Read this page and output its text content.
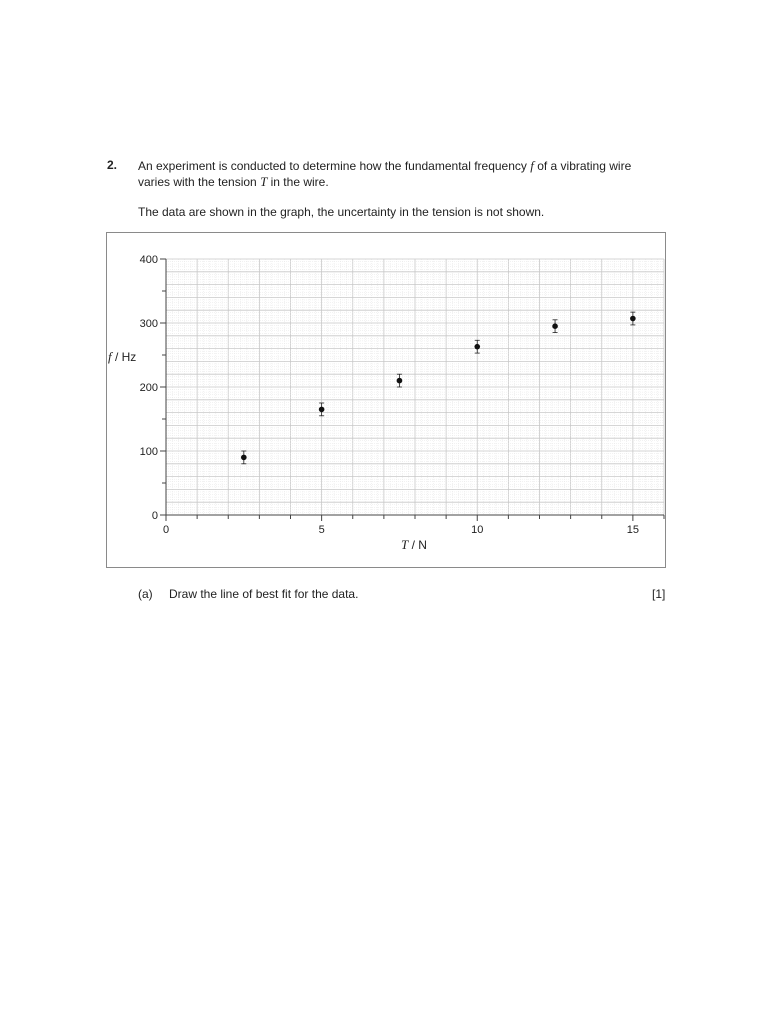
2. An experiment is conducted to determine how the fundamental frequency f of a vibrating wire varies with the tension T in the wire.

The data are shown in the graph, the uncertainty in the tension is not shown.

0	5	10	15
0
100
200
300
400
f / Hz
T / N
(a) Draw the line of best fit for the data.	[1]
